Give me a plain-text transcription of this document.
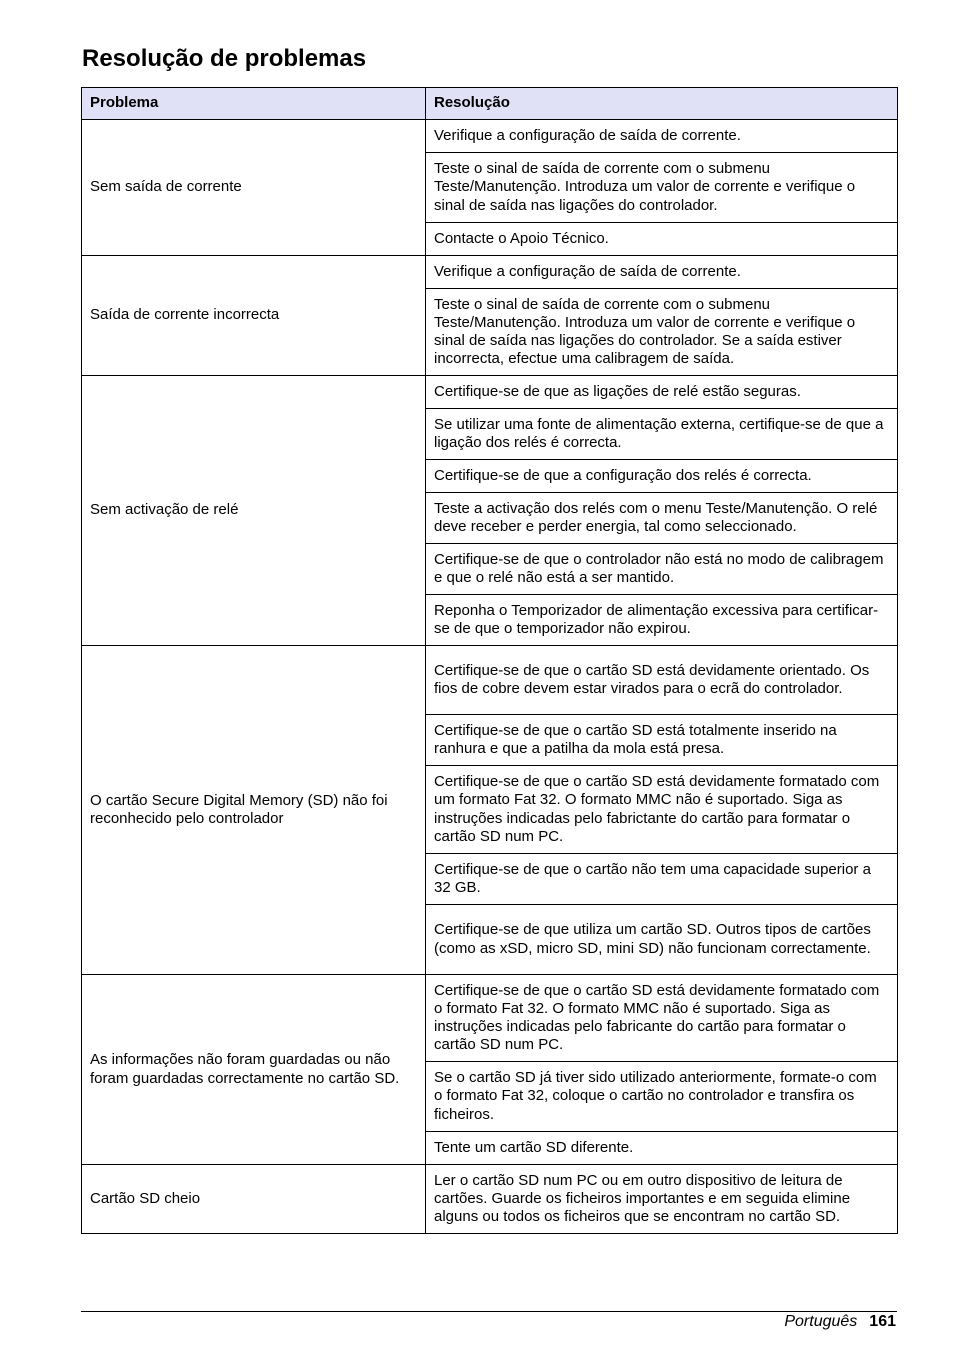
Resolução de problemas
Problema	Resolução
Sem saída de corrente	Verifique a configuração de saída de corrente.
	Teste o sinal de saída de corrente com o submenu Teste/Manutenção. Introduza um valor de corrente e verifique o sinal de saída nas ligações do controlador.
	Contacte o Apoio Técnico.
Saída de corrente incorrecta	Verifique a configuração de saída de corrente.
	Teste o sinal de saída de corrente com o submenu Teste/Manutenção. Introduza um valor de corrente e verifique o sinal de saída nas ligações do controlador. Se a saída estiver incorrecta, efectue uma calibragem de saída.
Sem activação de relé	Certifique-se de que as ligações de relé estão seguras.
	Se utilizar uma fonte de alimentação externa, certifique-se de que a ligação dos relés é correcta.
	Certifique-se de que a configuração dos relés é correcta.
	Teste a activação dos relés com o menu Teste/Manutenção. O relé deve receber e perder energia, tal como seleccionado.
	Certifique-se de que o controlador não está no modo de calibragem e que o relé não está a ser mantido.
	Reponha o Temporizador de alimentação excessiva para certificar-se de que o temporizador não expirou.
O cartão Secure Digital Memory (SD) não foi reconhecido pelo controlador	Certifique-se de que o cartão SD está devidamente orientado. Os fios de cobre devem estar virados para o ecrã do controlador.
	Certifique-se de que o cartão SD está totalmente inserido na ranhura e que a patilha da mola está presa.
	Certifique-se de que o cartão SD está devidamente formatado com um formato Fat 32. O formato MMC não é suportado. Siga as instruções indicadas pelo fabrictante do cartão para formatar o cartão SD num PC.
	Certifique-se de que o cartão não tem uma capacidade superior a 32 GB.
	Certifique-se de que utiliza um cartão SD. Outros tipos de cartões (como as xSD, micro SD, mini SD) não funcionam correctamente.
As informações não foram guardadas ou não foram guardadas correctamente no cartão SD.	Certifique-se de que o cartão SD está devidamente formatado com o formato Fat 32. O formato MMC não é suportado. Siga as instruções indicadas pelo fabricante do cartão para formatar o cartão SD num PC.
	Se o cartão SD já tiver sido utilizado anteriormente, formate-o com o formato Fat 32, coloque o cartão no controlador e transfira os ficheiros.
	Tente um cartão SD diferente.
Cartão SD cheio	Ler o cartão SD num PC ou em outro dispositivo de leitura de cartões. Guarde os ficheiros importantes e em seguida elimine alguns ou todos os ficheiros que se encontram no cartão SD.
Português 161
